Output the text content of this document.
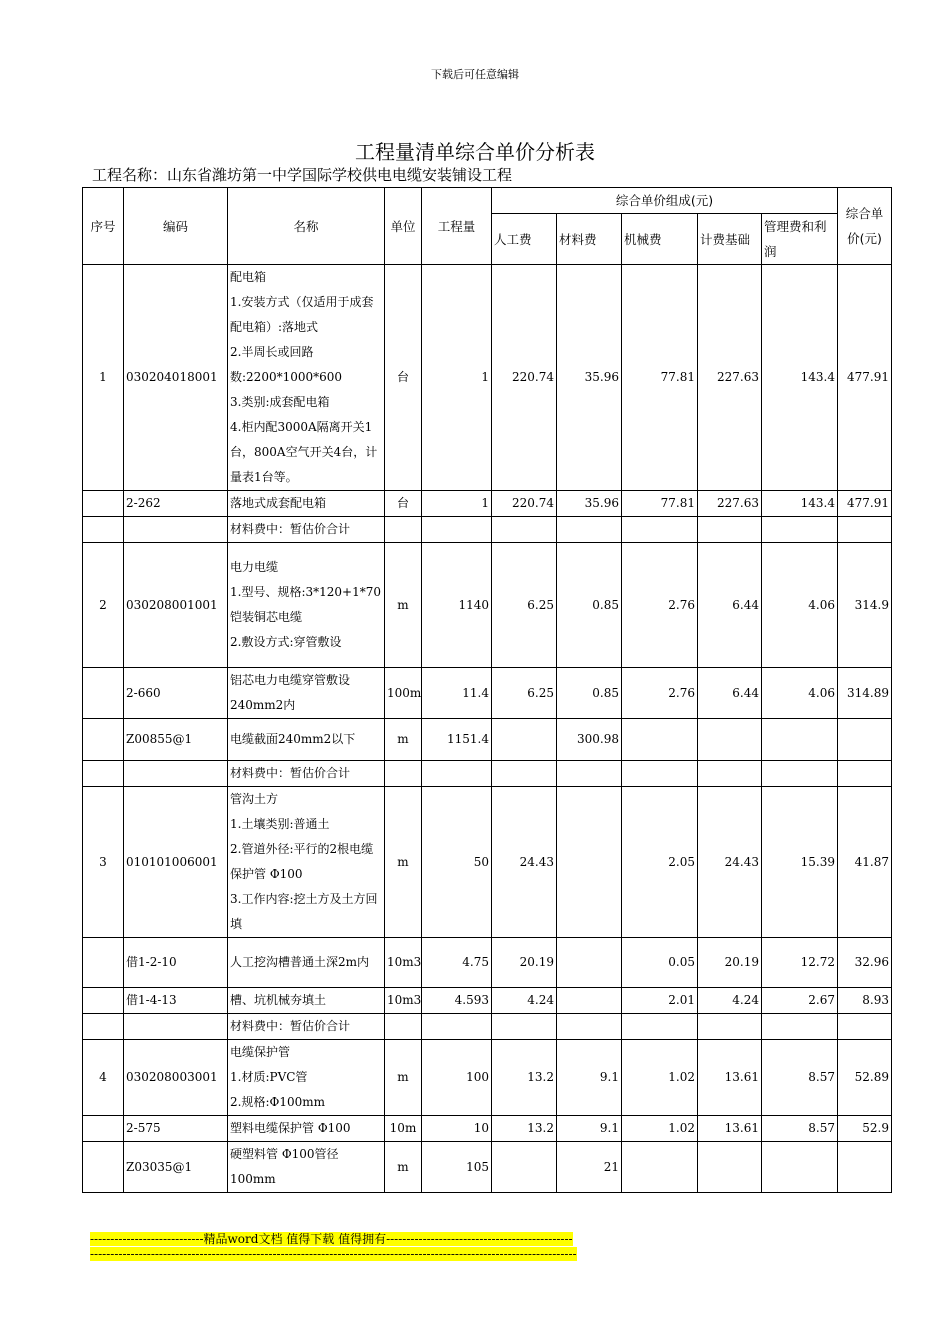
下载后可任意编辑
工程量清单综合单价分析表
工程名称：山东省潍坊第一中学国际学校供电电缆安装铺设工程
序号	编码	名称	单位	工程量	综合单价组成(元)					综合单价(元)
					人工费	材料费	机械费	计费基础	管理费和利润	
1	030204018001	配电箱
1.安装方式（仅适用于成套配电箱）:落地式
2.半周长或回路数:2200*1000*600
3.类别:成套配电箱
4.柜内配3000A隔离开关1台，800A空气开关4台，计量表1台等。	台	1	220.74	35.96	77.81	227.63	143.4	477.91
	2-262	落地式成套配电箱	台	1	220.74	35.96	77.81	227.63	143.4	477.91
		材料费中：暂估价合计								
2	030208001001	电力电缆
1.型号、规格:3*120+1*70铠装铜芯电缆
2.敷设方式:穿管敷设	m	1140	6.25	0.85	2.76	6.44	4.06	314.9
	2-660	铝芯电力电缆穿管敷设240mm2内	100m	11.4	6.25	0.85	2.76	6.44	4.06	314.89
	Z00855@1	电缆截面240mm2以下	m	1151.4		300.98				
		材料费中：暂估价合计								
3	010101006001	管沟土方
1.土壤类别:普通土
2.管道外径:平行的2根电缆保护管 Φ100
3.工作内容:挖土方及土方回填	m	50	24.43		2.05	24.43	15.39	41.87
	借1-2-10	人工挖沟槽普通土深2m内	10m3	4.75	20.19		0.05	20.19	12.72	32.96
	借1-4-13	槽、坑机械夯填土	10m3	4.593	4.24		2.01	4.24	2.67	8.93
		材料费中：暂估价合计								
4	030208003001	电缆保护管
1.材质:PVC管
2.规格:Φ100mm	m	100	13.2	9.1	1.02	13.61	8.57	52.89
	2-575	塑料电缆保护管 Φ100	10m	10	13.2	9.1	1.02	13.61	8.57	52.9
	Z03035@1	硬塑料管 Φ100管径100mm	m	105		21				
----------------------------精品word文档 值得下载 值得拥有----------------------------------------------
------------------------------------------------------------------------------------------------------------------------
